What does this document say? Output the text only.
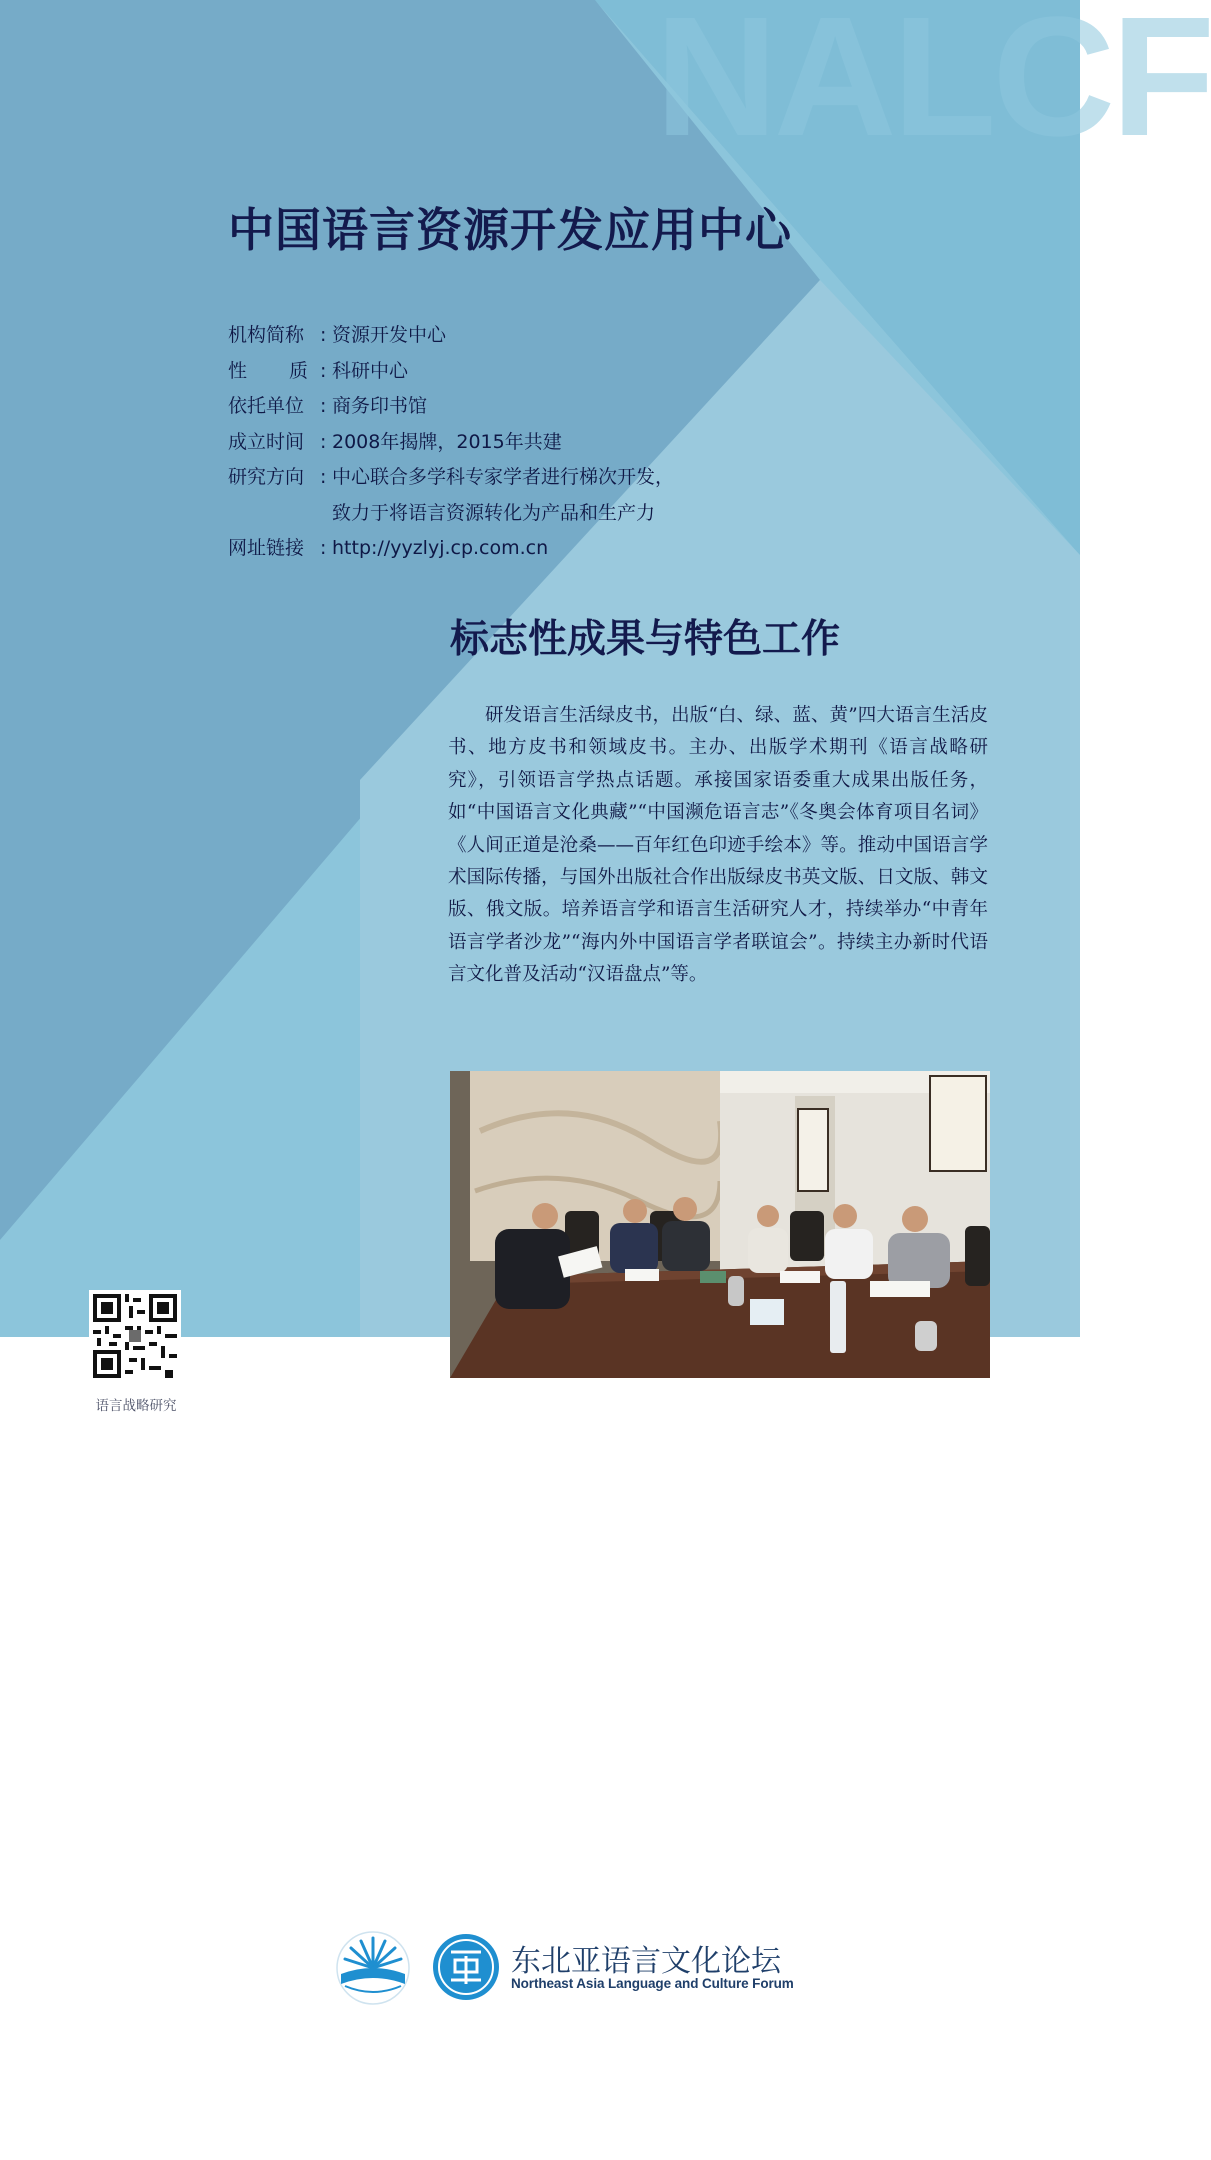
NALCF
中国语言资源开发应用中心
机构简称 : 资源开发中心
性 质 : 科研中心
依托单位 : 商务印书馆
成立时间 : 2008年揭牌，2015年共建
研究方向 : 中心联合多学科专家学者进行梯次开发，
致力于将语言资源转化为产品和生产力
网址链接 : http://yyzlyj.cp.com.cn
标志性成果与特色工作

研发语言生活绿皮书，出版“白、绿、蓝、黄”四大语言生活皮书、地方皮书和领域皮书。主办、出版学术期刊《语言战略研究》，引领语言学热点话题。承接国家语委重大成果出版任务，如“中国语言文化典藏”“中国濒危语言志”《冬奥会体育项目名词》《人间正道是沧桑——百年红色印迹手绘本》等。推动中国语言学术国际传播，与国外出版社合作出版绿皮书英文版、日文版、韩文版、俄文版。培养语言学和语言生活研究人才，持续举办“中青年语言学者沙龙”“海内外中国语言学者联谊会”。持续主办新时代语言文化普及活动“汉语盘点”等。

语言战略研究
东北亚语言文化论坛
Northeast Asia Language and Culture Forum
